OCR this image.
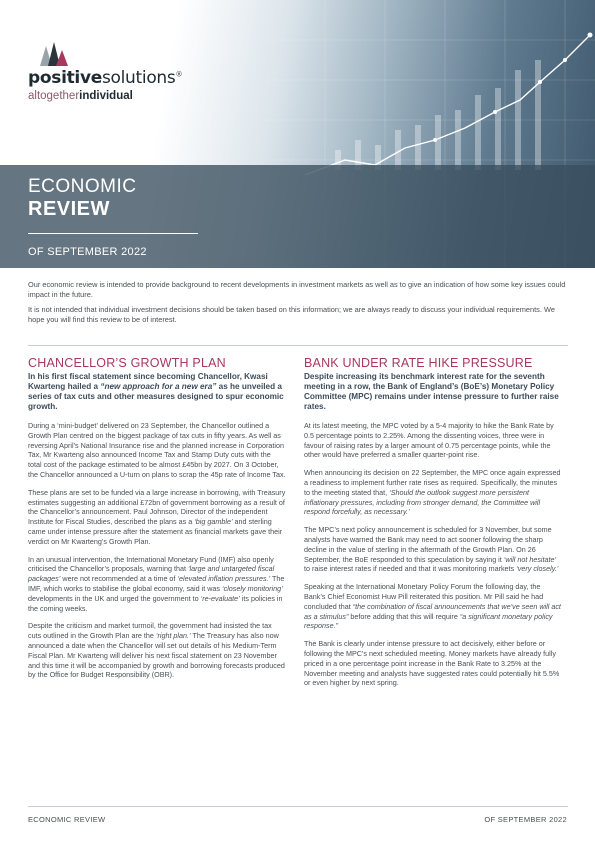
positivesolutions®
altogetherindividual
ECONOMIC
REVIEW
OF SEPTEMBER 2022

Our economic review is intended to provide background to recent developments in investment markets as well as to give an indication of how some key issues could impact in the future.

It is not intended that individual investment decisions should be taken based on this information; we are always ready to discuss your individual requirements. We hope you will find this review to be of interest.

CHANCELLOR’S GROWTH PLAN
In his first fiscal statement since becoming Chancellor, Kwasi Kwarteng hailed a “new approach for a new era” as he unveiled a series of tax cuts and other measures designed to spur economic growth.

During a ‘mini-budget’ delivered on 23 September, the Chancellor outlined a Growth Plan centred on the biggest package of tax cuts in fifty years. As well as reversing April’s National Insurance rise and the planned increase in Corporation Tax, Mr Kwarteng also announced Income Tax and Stamp Duty cuts with the total cost of the package estimated to be almost £45bn by 2027. On 3 October, the Chancellor announced a U-turn on plans to scrap the 45p rate of Income Tax.

These plans are set to be funded via a large increase in borrowing, with Treasury estimates suggesting an additional £72bn of government borrowing as a result of the Chancellor’s announcement. Paul Johnson, Director of the independent Institute for Fiscal Studies, described the plans as a ‘big gamble’ and sterling came under intense pressure after the statement as financial markets gave their verdict on Mr Kwarteng’s Growth Plan.

In an unusual intervention, the International Monetary Fund (IMF) also openly criticised the Chancellor’s proposals, warning that ‘large and untargeted fiscal packages’ were not recommended at a time of ‘elevated inflation pressures.’ The IMF, which works to stabilise the global economy, said it was ‘closely monitoring’ developments in the UK and urged the government to ‘re-evaluate’ its policies in the coming weeks.

Despite the criticism and market turmoil, the government had insisted the tax cuts outlined in the Growth Plan are the ‘right plan.’ The Treasury has also now announced a date when the Chancellor will set out details of his Medium-Term Fiscal Plan. Mr Kwarteng will deliver his next fiscal statement on 23 November and this time it will be accompanied by growth and borrowing forecasts produced by the Office for Budget Responsibility (OBR).

BANK UNDER RATE HIKE PRESSURE
Despite increasing its benchmark interest rate for the seventh meeting in a row, the Bank of England’s (BoE’s) Monetary Policy Committee (MPC) remains under intense pressure to further raise rates.

At its latest meeting, the MPC voted by a 5-4 majority to hike the Bank Rate by 0.5 percentage points to 2.25%. Among the dissenting voices, three were in favour of raising rates by a larger amount of 0.75 percentage points, while the other would have preferred a smaller quarter-point rise.

When announcing its decision on 22 September, the MPC once again expressed a readiness to implement further rate rises as required. Specifically, the minutes to the meeting stated that, ‘Should the outlook suggest more persistent inflationary pressures, including from stronger demand, the Committee will respond forcefully, as necessary.’

The MPC’s next policy announcement is scheduled for 3 November, but some analysts have warned the Bank may need to act sooner following the sharp decline in the value of sterling in the aftermath of the Growth Plan. On 26 September, the BoE responded to this speculation by saying it ‘will not hesitate’ to raise interest rates if needed and that it was monitoring markets ‘very closely.’

Speaking at the International Monetary Policy Forum the following day, the Bank’s Chief Economist Huw Pill reiterated this position. Mr Pill said he had concluded that “the combination of fiscal announcements that we’ve seen will act as a stimulus” before adding that this will require “a significant monetary policy response.”

The Bank is clearly under intense pressure to act decisively, either before or following the MPC’s next scheduled meeting. Money markets have already fully priced in a one percentage point increase in the Bank Rate to 3.25% at the November meeting and analysts have suggested rates could potentially hit 5.5% or even higher by next spring.

ECONOMIC REVIEW	OF SEPTEMBER 2022
